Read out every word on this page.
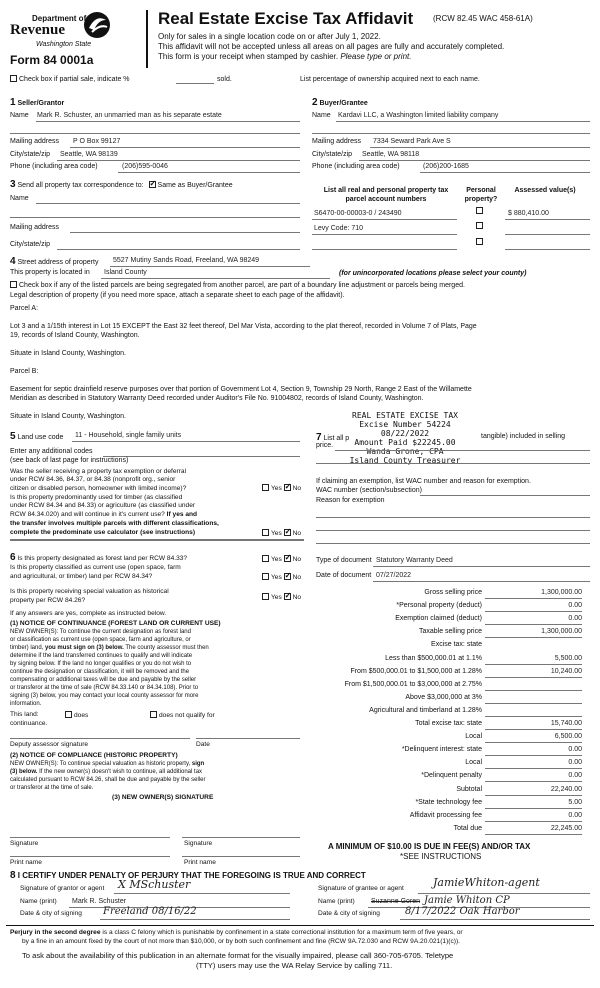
Department of
Revenue
Washington State
Form 84 0001a
Real Estate Excise Tax Affidavit (RCW 82.45 WAC 458-61A)
Only for sales in a single location code on or after July 1, 2022.
This affidavit will not be accepted unless all areas on all pages are fully and accurately completed.
This form is your receipt when stamped by cashier. Please type or print.
Check box if partial sale, indicate %	sold.	List percentage of ownership acquired next to each name.
1 Seller/Grantor
Name Mark R. Schuster, an unmarried man as his separate estate
Mailing address P O Box 99127
City/state/zip Seattle, WA 98139
Phone (including area code)	(206)595-0046
2 Buyer/Grantee
Name Kardavi LLC, a Washington limited liability company
Mailing address 7334 Seward Park Ave S
City/state/zip Seattle, WA 98118
Phone (including area code)	(206)200-1685
3 Send all property tax correspondence to: ✓ Same as Buyer/Grantee
Name
Mailing address
City/state/zip
List all real and personal property tax parcel account numbers
Personal property?
Assessed value(s)
S6470-00-00003-0 / 243490	$ 880,410.00
Levy Code: 710
4 Street address of property 5527 Mutiny Sands Road, Freeland, WA 98249
This property is located in Island County	(for unincorporated locations please select your county)
Check box if any of the listed parcels are being segregated from another parcel, are part of a boundary line adjustment or parcels being merged.
Legal description of property (if you need more space, attach a separate sheet to each page of the affidavit).
Parcel A:
Lot 3 and a 1/15th interest in Lot 15 EXCEPT the East 32 feet thereof, Del Mar Vista, according to the plat thereof, recorded in Volume 7 of Plats, Page
19, records of Island County, Washington.
Situate in Island County, Washington.
Parcel B:
Easement for septic drainfield reserve purposes over that portion of Government Lot 4, Section 9, Township 29 North, Range 2 East of the Willamette
Meridian as described in Statutory Warranty Deed recorded under Auditor's File No. 91004802, records of Island County, Washington.
Situate in Island County, Washington.	REAL ESTATE EXCISE TAX
Excise Number 54224
08/22/2022
Amount Paid $22245.00
Wanda Grone, CPA
Island County Treasurer
5 Land use code 11 - Household, single family units
Enter any additional codes
(see back of last page for instructions)
Was the seller receiving a property tax exemption or deferral
under RCW 84.36, 84.37, or 84.38 (nonprofit org., senior
citizen or disabled person, homeowner with limited income)?	Yes ✓ No
Is this property predominantly used for timber (as classified
under RCW 84.34 and 84.33) or agriculture (as classified under
RCW 84.34.020) and will continue in it's current use? If yes and
the transfer involves multiple parcels with different classifications,
complete the predominate use calculator (see instructions)	Yes ✓ No
7 List all p	tangible) included in selling
price.
If claiming an exemption, list WAC number and reason for exemption.
WAC number (section/subsection)
Reason for exemption
6 Is this property designated as forest land per RCW 84.33?	Yes ✓ No
Is this property classified as current use (open space, farm
and agricultural, or timber) land per RCW 84.34?	Yes ✓ No
Is this property receiving special valuation as historical
property per RCW 84.26?	Yes ✓ No
If any answers are yes, complete as instructed below.
(1) NOTICE OF CONTINUANCE (FOREST LAND OR CURRENT USE)
NEW OWNER(S): To continue the current designation as forest land
or classification as current use (open space, farm and agriculture, or
timber) land, you must sign on (3) below. The county assessor must then
determine if the land transferred continues to qualify and will indicate
by signing below. If the land no longer qualifies or you do not wish to
continue the designation or classification, it will be removed and the
compensating or additional taxes will be due and payable by the seller
or transferor at the time of sale (RCW 84.33.140 or 84.34.108). Prior to
signing (3) below, you may contact your local county assessor for more
information.
This land:	does	does not qualify for
continuance.
Deputy assessor signature	Date
(2) NOTICE OF COMPLIANCE (HISTORIC PROPERTY)
NEW OWNER(S): To continue special valuation as historic property, sign
(3) below. If the new owner(s) doesn't wish to continue, all additional tax
calculated pursuant to RCW 84.26, shall be due and payable by the seller
or transferor at the time of sale.
(3) NEW OWNER(S) SIGNATURE
Signature	Signature
Print name	Print name
Type of document Statutory Warranty Deed
Date of document 07/27/2022
Gross selling price	1,300,000.00
*Personal property (deduct)	0.00
Exemption claimed (deduct)	0.00
Taxable selling price	1,300,000.00
Excise tax: state
Less than $500,000.01 at 1.1%	5,500.00
From $500,000.01 to $1,500,000 at 1.28%	10,240.00
From $1,500,000.01 to $3,000,000 at 2.75%
Above $3,000,000 at 3%
Agricultural and timberland at 1.28%
Total excise tax: state	15,740.00
Local	6,500.00
*Delinquent interest: state	0.00
Local	0.00
*Delinquent penalty	0.00
Subtotal	22,240.00
*State technology fee	5.00
Affidavit processing fee	0.00
Total due	22,245.00
A MINIMUM OF $10.00 IS DUE IN FEE(S) AND/OR TAX
*SEE INSTRUCTIONS
8 I CERTIFY UNDER PENALTY OF PERJURY THAT THE FOREGOING IS TRUE AND CORRECT
Signature of grantor or agent X MSchuster
Name (print) Mark R. Schuster
Date & city of signing Freeland 08/16/22
Signature of grantee or agent	JamieWhiton-agent
Name (print) Suzanne Goren Jamie Whiton CP
Date & city of signing	8/17/2022 Oak Harbor
Perjury in the second degree is a class C felony which is punishable by confinement in a state correctional institution for a maximum term of five years, or
by a fine in an amount fixed by the court of not more than $10,000, or by both such confinement and fine (RCW 9A.72.030 and RCW 9A.20.021(1)(c)).
To ask about the availability of this publication in an alternate format for the visually impaired, please call 360-705-6705. Teletype
(TTY) users may use the WA Relay Service by calling 711.
